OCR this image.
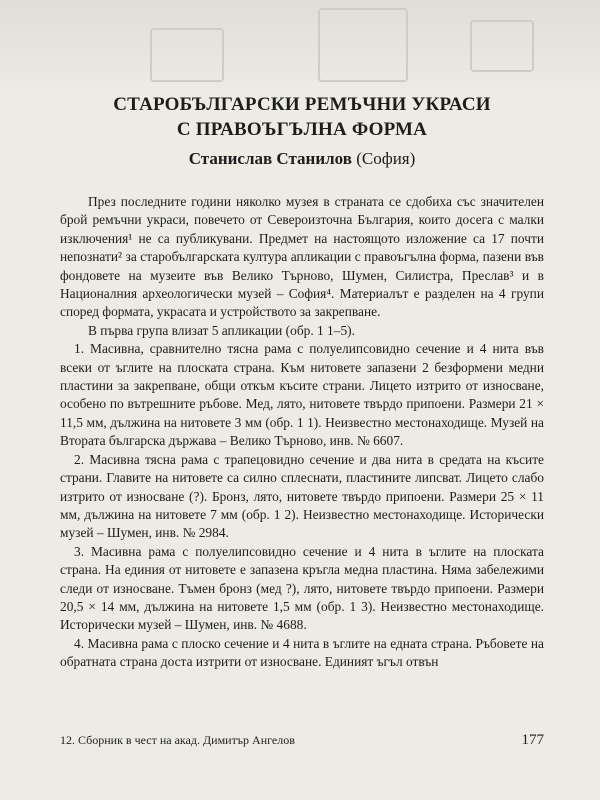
СТАРОБЪЛГАРСКИ РЕМЪЧНИ УКРАСИ
С ПРАВОЪГЪЛНА ФОРМА
Станислав Станилов (София)

През последните години няколко музея в страната се сдобиха със значителен брой ремъчни украси, повечето от Североизточна България, които досега с малки изключения¹ не са публикувани. Предмет на настоящото изложение са 17 почти непознати² за старобългарската култура апликации с правоъгълна форма, пазени във фондовете на музеите във Велико Търново, Шумен, Силистра, Преслав³ и в Националния археологически музей – София⁴. Материалът е разделен на 4 групи според формата, украсата и устройството за закрепване.

В първа група влизат 5 апликации (обр. 1 1–5).

1. Масивна, сравнително тясна рама с полуелипсовидно сечение и 4 нита във всеки от ъглите на плоската страна. Към нитовете запазени 2 безформени медни пластини за закрепване, общи откъм късите страни. Лицето изтрито от износване, особено по вътрешните ръбове. Мед, лято, нитовете твърдо припоени. Размери 21 × 11,5 мм, дължина на нитовете 3 мм (обр. 1 1). Неизвестно местонаходище. Музей на Втората българска държава – Велико Търново, инв. № 6607.

2. Масивна тясна рама с трапецовидно сечение и два нита в средата на късите страни. Главите на нитовете са силно сплеснати, пластините липсват. Лицето слабо изтрито от износване (?). Бронз, лято, нитовете твърдо припоени. Размери 25 × 11 мм, дължина на нитовете 7 мм (обр. 1 2). Неизвестно местонаходище. Исторически музей – Шумен, инв. № 2984.

3. Масивна рама с полуелипсовидно сечение и 4 нита в ъглите на плоската страна. На единия от нитовете е запазена кръгла медна пластина. Няма забележими следи от износване. Тъмен бронз (мед ?), лято, нитовете твърдо припоени. Размери 20,5 × 14 мм, дължина на нитовете 1,5 мм (обр. 1 3). Неизвестно местонаходище. Исторически музей – Шумен, инв. № 4688.

4. Масивна рама с плоско сечение и 4 нита в ъглите на едната страна. Ръбовете на обратната страна доста изтрити от износване. Единият ъгъл отвън

12. Сборник в чест на акад. Димитър Ангелов	177
